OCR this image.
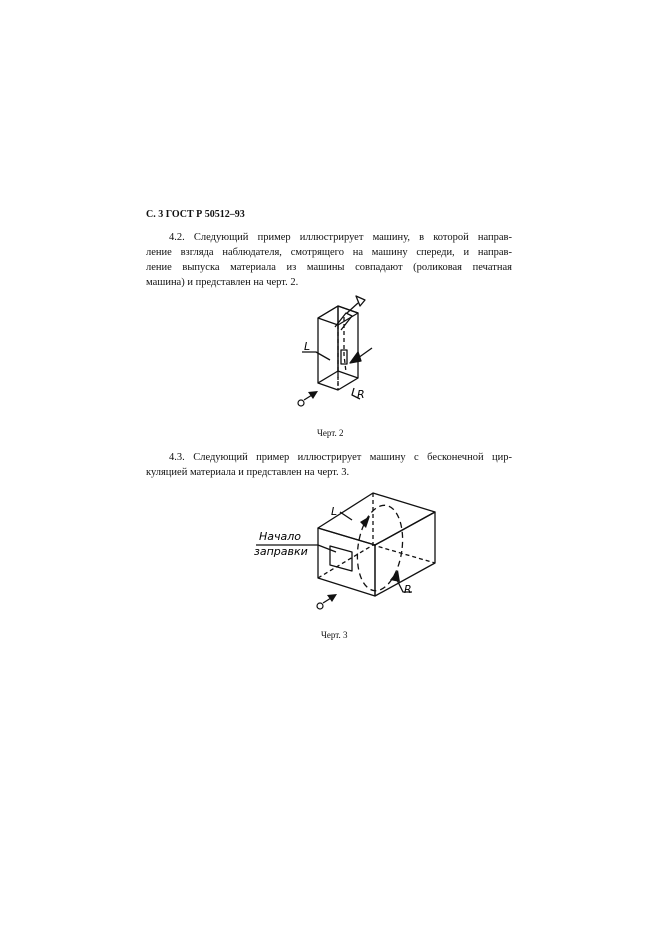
С. 3 ГОСТ Р 50512–93
4.2. Следующий пример иллюстрирует машину, в которой направ-
ление взгляда наблюдателя, смотрящего на машину спереди, и направ-
ление выпуска материала из машины совпадают (роликовая печатная
машина) и представлен на черт. 2.
L
R
Черт. 2
4.3. Следующий пример иллюстрирует машину с бесконечной цир-
куляцией материала и представлен на черт. 3.
L
R
Начало
заправки
Черт. 3
